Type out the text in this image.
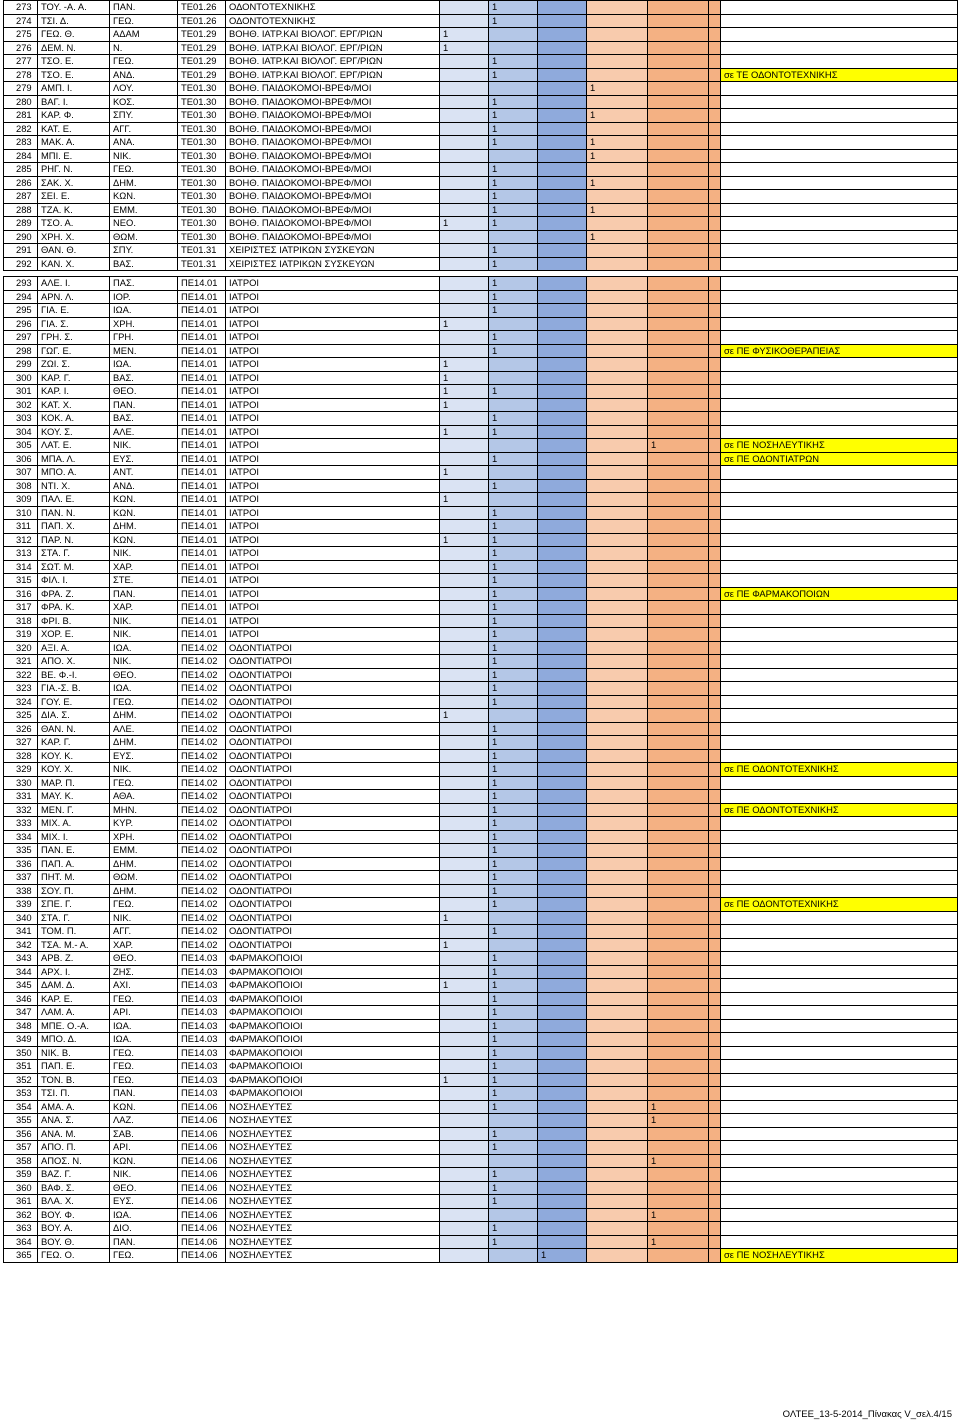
273	ΤΟΥ. -Α. Α.	ΠΑΝ.	ΤΕ01.26	ΟΔΟΝΤΟΤΕΧΝΙΚΗΣ		1					
274	ΤΣΙ. Δ.	ΓΕΩ.	ΤΕ01.26	ΟΔΟΝΤΟΤΕΧΝΙΚΗΣ		1					
275	ΓΕΩ. Θ.	ΑΔΑΜ	ΤΕ01.29	ΒΟΗΘ. ΙΑΤΡ.ΚΑΙ ΒΙΟΛΟΓ. ΕΡΓ/ΡΙΩΝ	1						
276	ΔΕΜ. Ν.	Ν.	ΤΕ01.29	ΒΟΗΘ. ΙΑΤΡ.ΚΑΙ ΒΙΟΛΟΓ. ΕΡΓ/ΡΙΩΝ	1						
277	ΤΣΟ. Ε.	ΓΕΩ.	ΤΕ01.29	ΒΟΗΘ. ΙΑΤΡ.ΚΑΙ ΒΙΟΛΟΓ. ΕΡΓ/ΡΙΩΝ		1					
278	ΤΣΟ. Ε.	ΑΝΔ.	ΤΕ01.29	ΒΟΗΘ. ΙΑΤΡ.ΚΑΙ ΒΙΟΛΟΓ. ΕΡΓ/ΡΙΩΝ		1					σε ΤΕ ΟΔΟΝΤΟΤΕΧΝΙΚΗΣ
279	ΑΜΠ. Ι.	ΛΟΥ.	ΤΕ01.30	ΒΟΗΘ. ΠΑΙΔΟΚΟΜΟΙ-ΒΡΕΦ/ΜΟΙ				1			
280	ΒΑΓ. Ι.	ΚΟΣ.	ΤΕ01.30	ΒΟΗΘ. ΠΑΙΔΟΚΟΜΟΙ-ΒΡΕΦ/ΜΟΙ		1					
281	ΚΑΡ. Φ.	ΣΠΥ.	ΤΕ01.30	ΒΟΗΘ. ΠΑΙΔΟΚΟΜΟΙ-ΒΡΕΦ/ΜΟΙ		1		1			
282	ΚΑΤ. Ε.	ΑΓΓ.	ΤΕ01.30	ΒΟΗΘ. ΠΑΙΔΟΚΟΜΟΙ-ΒΡΕΦ/ΜΟΙ		1					
283	ΜΑΚ. Α.	ΑΝΑ.	ΤΕ01.30	ΒΟΗΘ. ΠΑΙΔΟΚΟΜΟΙ-ΒΡΕΦ/ΜΟΙ		1		1			
284	ΜΠΙ. Ε.	ΝΙΚ.	ΤΕ01.30	ΒΟΗΘ. ΠΑΙΔΟΚΟΜΟΙ-ΒΡΕΦ/ΜΟΙ				1			
285	ΡΗΓ. Ν.	ΓΕΩ.	ΤΕ01.30	ΒΟΗΘ. ΠΑΙΔΟΚΟΜΟΙ-ΒΡΕΦ/ΜΟΙ		1					
286	ΣΑΚ. Χ.	ΔΗΜ.	ΤΕ01.30	ΒΟΗΘ. ΠΑΙΔΟΚΟΜΟΙ-ΒΡΕΦ/ΜΟΙ		1		1			
287	ΣΕΙ. Ε.	ΚΩΝ.	ΤΕ01.30	ΒΟΗΘ. ΠΑΙΔΟΚΟΜΟΙ-ΒΡΕΦ/ΜΟΙ		1					
288	ΤΖΑ. Κ.	ΕΜΜ.	ΤΕ01.30	ΒΟΗΘ. ΠΑΙΔΟΚΟΜΟΙ-ΒΡΕΦ/ΜΟΙ		1		1			
289	ΤΣΟ. Α.	ΝΕΟ.	ΤΕ01.30	ΒΟΗΘ. ΠΑΙΔΟΚΟΜΟΙ-ΒΡΕΦ/ΜΟΙ	1	1					
290	ΧΡΗ. Χ.	ΘΩΜ.	ΤΕ01.30	ΒΟΗΘ. ΠΑΙΔΟΚΟΜΟΙ-ΒΡΕΦ/ΜΟΙ				1			
291	ΘΑΝ. Θ.	ΣΠΥ.	ΤΕ01.31	ΧΕΙΡΙΣΤΕΣ ΙΑΤΡΙΚΩΝ ΣΥΣΚΕΥΩΝ		1					
292	ΚΑΝ. Χ.	ΒΑΣ.	ΤΕ01.31	ΧΕΙΡΙΣΤΕΣ ΙΑΤΡΙΚΩΝ ΣΥΣΚΕΥΩΝ		1					

293	ΑΛΕ. Ι.	ΠΑΣ.	ΠΕ14.01	ΙΑΤΡΟΙ		1					
294	ΑΡΝ. Λ.	ΙΟΡ.	ΠΕ14.01	ΙΑΤΡΟΙ		1					
295	ΓΙΑ. Ε.	ΙΩΑ.	ΠΕ14.01	ΙΑΤΡΟΙ		1					
296	ΓΙΑ. Σ.	ΧΡΗ.	ΠΕ14.01	ΙΑΤΡΟΙ	1						
297	ΓΡΗ. Σ.	ΓΡΗ.	ΠΕ14.01	ΙΑΤΡΟΙ		1					
298	ΓΩΓ. Ε.	ΜΕΝ.	ΠΕ14.01	ΙΑΤΡΟΙ		1					σε ΠΕ ΦΥΣΙΚΟΘΕΡΑΠΕΙΑΣ
299	ΖΩΙ. Σ.	ΙΩΑ.	ΠΕ14.01	ΙΑΤΡΟΙ	1						
300	ΚΑΡ. Γ.	ΒΑΣ.	ΠΕ14.01	ΙΑΤΡΟΙ	1						
301	ΚΑΡ. Ι.	ΘΕΟ.	ΠΕ14.01	ΙΑΤΡΟΙ	1	1					
302	ΚΑΤ. Χ.	ΠΑΝ.	ΠΕ14.01	ΙΑΤΡΟΙ	1						
303	ΚΟΚ. Α.	ΒΑΣ.	ΠΕ14.01	ΙΑΤΡΟΙ		1					
304	ΚΟΥ. Σ.	ΑΛΕ.	ΠΕ14.01	ΙΑΤΡΟΙ	1	1					
305	ΛΑΤ. Ε.	ΝΙΚ.	ΠΕ14.01	ΙΑΤΡΟΙ					1		σε ΠΕ ΝΟΣΗΛΕΥΤΙΚΗΣ
306	ΜΠΑ. Λ.	ΕΥΣ.	ΠΕ14.01	ΙΑΤΡΟΙ		1					σε ΠΕ ΟΔΟΝΤΙΑΤΡΩΝ
307	ΜΠΟ. Α.	ΑΝΤ.	ΠΕ14.01	ΙΑΤΡΟΙ	1						
308	ΝΤΙ. Χ.	ΑΝΔ.	ΠΕ14.01	ΙΑΤΡΟΙ		1					
309	ΠΑΛ. Ε.	ΚΩΝ.	ΠΕ14.01	ΙΑΤΡΟΙ	1						
310	ΠΑΝ. Ν.	ΚΩΝ.	ΠΕ14.01	ΙΑΤΡΟΙ		1					
311	ΠΑΠ. Χ.	ΔΗΜ.	ΠΕ14.01	ΙΑΤΡΟΙ		1					
312	ΠΑΡ. Ν.	ΚΩΝ.	ΠΕ14.01	ΙΑΤΡΟΙ	1	1					
313	ΣΤΑ. Γ.	ΝΙΚ.	ΠΕ14.01	ΙΑΤΡΟΙ		1					
314	ΣΩΤ. Μ.	ΧΑΡ.	ΠΕ14.01	ΙΑΤΡΟΙ		1					
315	ΦΙΛ. Ι.	ΣΤΕ.	ΠΕ14.01	ΙΑΤΡΟΙ		1					
316	ΦΡΑ. Ζ.	ΠΑΝ.	ΠΕ14.01	ΙΑΤΡΟΙ		1					σε ΠΕ ΦΑΡΜΑΚΟΠΟΙΩΝ
317	ΦΡΑ. Κ.	ΧΑΡ.	ΠΕ14.01	ΙΑΤΡΟΙ		1					
318	ΦΡΙ. Β.	ΝΙΚ.	ΠΕ14.01	ΙΑΤΡΟΙ		1					
319	ΧΟΡ. Ε.	ΝΙΚ.	ΠΕ14.01	ΙΑΤΡΟΙ		1					
320	ΑΞΙ. Α.	ΙΩΑ.	ΠΕ14.02	ΟΔΟΝΤΙΑΤΡΟΙ		1					
321	ΑΠΟ. Χ.	ΝΙΚ.	ΠΕ14.02	ΟΔΟΝΤΙΑΤΡΟΙ		1					
322	ΒΕ. Φ.-Ι.	ΘΕΟ.	ΠΕ14.02	ΟΔΟΝΤΙΑΤΡΟΙ		1					
323	ΓΙΑ.-Σ. Β.	ΙΩΑ.	ΠΕ14.02	ΟΔΟΝΤΙΑΤΡΟΙ		1					
324	ΓΟΥ. Ε.	ΓΕΩ.	ΠΕ14.02	ΟΔΟΝΤΙΑΤΡΟΙ		1					
325	ΔΙΑ. Σ.	ΔΗΜ.	ΠΕ14.02	ΟΔΟΝΤΙΑΤΡΟΙ	1						
326	ΘΑΝ. Ν.	ΑΛΕ.	ΠΕ14.02	ΟΔΟΝΤΙΑΤΡΟΙ		1					
327	ΚΑΡ. Γ.	ΔΗΜ.	ΠΕ14.02	ΟΔΟΝΤΙΑΤΡΟΙ		1					
328	ΚΟΥ. Κ.	ΕΥΣ.	ΠΕ14.02	ΟΔΟΝΤΙΑΤΡΟΙ		1					
329	ΚΟΥ. Χ.	ΝΙΚ.	ΠΕ14.02	ΟΔΟΝΤΙΑΤΡΟΙ		1					σε ΠΕ ΟΔΟΝΤΟΤΕΧΝΙΚΗΣ
330	ΜΑΡ. Π.	ΓΕΩ.	ΠΕ14.02	ΟΔΟΝΤΙΑΤΡΟΙ		1					
331	ΜΑΥ. Κ.	ΑΘΑ.	ΠΕ14.02	ΟΔΟΝΤΙΑΤΡΟΙ		1					
332	ΜΕΝ. Γ.	ΜΗΝ.	ΠΕ14.02	ΟΔΟΝΤΙΑΤΡΟΙ		1					σε ΠΕ ΟΔΟΝΤΟΤΕΧΝΙΚΗΣ
333	ΜΙΧ. Α.	ΚΥΡ.	ΠΕ14.02	ΟΔΟΝΤΙΑΤΡΟΙ		1					
334	ΜΙΧ. Ι.	ΧΡΗ.	ΠΕ14.02	ΟΔΟΝΤΙΑΤΡΟΙ		1					
335	ΠΑΝ. Ε.	ΕΜΜ.	ΠΕ14.02	ΟΔΟΝΤΙΑΤΡΟΙ		1					
336	ΠΑΠ. Α.	ΔΗΜ.	ΠΕ14.02	ΟΔΟΝΤΙΑΤΡΟΙ		1					
337	ΠΗΤ. Μ.	ΘΩΜ.	ΠΕ14.02	ΟΔΟΝΤΙΑΤΡΟΙ		1					
338	ΣΟΥ. Π.	ΔΗΜ.	ΠΕ14.02	ΟΔΟΝΤΙΑΤΡΟΙ		1					
339	ΣΠΕ. Γ.	ΓΕΩ.	ΠΕ14.02	ΟΔΟΝΤΙΑΤΡΟΙ		1					σε ΠΕ ΟΔΟΝΤΟΤΕΧΝΙΚΗΣ
340	ΣΤΑ. Γ.	ΝΙΚ.	ΠΕ14.02	ΟΔΟΝΤΙΑΤΡΟΙ	1						
341	ΤΟΜ. Π.	ΑΓΓ.	ΠΕ14.02	ΟΔΟΝΤΙΑΤΡΟΙ		1					
342	ΤΣΑ. Μ.- Α.	ΧΑΡ.	ΠΕ14.02	ΟΔΟΝΤΙΑΤΡΟΙ	1						
343	ΑΡΒ. Ζ.	ΘΕΟ.	ΠΕ14.03	ΦΑΡΜΑΚΟΠΟΙΟΙ		1					
344	ΑΡΧ. Ι.	ΖΗΣ.	ΠΕ14.03	ΦΑΡΜΑΚΟΠΟΙΟΙ		1					
345	ΔΑΜ. Δ.	ΑΧΙ.	ΠΕ14.03	ΦΑΡΜΑΚΟΠΟΙΟΙ	1	1					
346	ΚΑΡ. Ε.	ΓΕΩ.	ΠΕ14.03	ΦΑΡΜΑΚΟΠΟΙΟΙ		1					
347	ΛΑΜ. Α.	ΑΡΙ.	ΠΕ14.03	ΦΑΡΜΑΚΟΠΟΙΟΙ		1					
348	ΜΠΕ. Ο.-Α.	ΙΩΑ.	ΠΕ14.03	ΦΑΡΜΑΚΟΠΟΙΟΙ		1					
349	ΜΠΟ. Δ.	ΙΩΑ.	ΠΕ14.03	ΦΑΡΜΑΚΟΠΟΙΟΙ		1					
350	ΝΙΚ. Β.	ΓΕΩ.	ΠΕ14.03	ΦΑΡΜΑΚΟΠΟΙΟΙ		1					
351	ΠΑΠ. Ε.	ΓΕΩ.	ΠΕ14.03	ΦΑΡΜΑΚΟΠΟΙΟΙ		1					
352	ΤΟΝ. Β.	ΓΕΩ.	ΠΕ14.03	ΦΑΡΜΑΚΟΠΟΙΟΙ	1	1					
353	ΤΣΙ. Π.	ΠΑΝ.	ΠΕ14.03	ΦΑΡΜΑΚΟΠΟΙΟΙ		1					
354	ΑΜΑ. Α.	ΚΩΝ.	ΠΕ14.06	ΝΟΣΗΛΕΥΤΕΣ		1			1		
355	ΑΝΑ. Σ.	ΛΑΖ.	ΠΕ14.06	ΝΟΣΗΛΕΥΤΕΣ					1		
356	ΑΝΑ. Μ.	ΣΑΒ.	ΠΕ14.06	ΝΟΣΗΛΕΥΤΕΣ		1					
357	ΑΠΟ. Π.	ΑΡΙ.	ΠΕ14.06	ΝΟΣΗΛΕΥΤΕΣ		1					
358	ΑΠΟΣ. Ν.	ΚΩΝ.	ΠΕ14.06	ΝΟΣΗΛΕΥΤΕΣ					1		
359	ΒΑΖ. Γ.	ΝΙΚ.	ΠΕ14.06	ΝΟΣΗΛΕΥΤΕΣ		1					
360	ΒΑΦ. Σ.	ΘΕΟ.	ΠΕ14.06	ΝΟΣΗΛΕΥΤΕΣ		1					
361	ΒΛΑ. Χ.	ΕΥΣ.	ΠΕ14.06	ΝΟΣΗΛΕΥΤΕΣ		1					
362	ΒΟΥ. Φ.	ΙΩΑ.	ΠΕ14.06	ΝΟΣΗΛΕΥΤΕΣ					1		
363	ΒΟΥ. Α.	ΔΙΟ.	ΠΕ14.06	ΝΟΣΗΛΕΥΤΕΣ		1					
364	ΒΟΥ. Θ.	ΠΑΝ.	ΠΕ14.06	ΝΟΣΗΛΕΥΤΕΣ		1			1		
365	ΓΕΩ. Ο.	ΓΕΩ.	ΠΕ14.06	ΝΟΣΗΛΕΥΤΕΣ			1				σε ΠΕ ΝΟΣΗΛΕΥΤΙΚΗΣ
ΟΛΤΕΕ_13-5-2014_Πίνακας V_σελ.4/15
